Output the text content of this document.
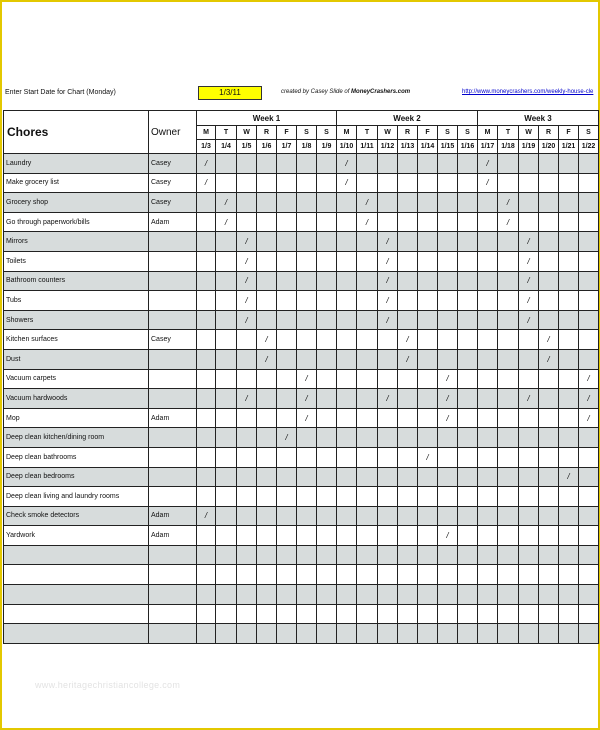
Enter Start Date for Chart (Monday)	1/3/11	created by Casey Slide of MoneyCrashers.com	http://www.moneycrashers.com/weekly-house-cle
Chores	Owner	Week 1							Week 2							Week 3					
		M	T	W	R	F	S	S	M	T	W	R	F	S	S	M	T	W	R	F	S
		1/3	1/4	1/5	1/6	1/7	1/8	1/9	1/10	1/11	1/12	1/13	1/14	1/15	1/16	1/17	1/18	1/19	1/20	1/21	1/22
Laundry	Casey	/							/							/					
Make grocery list	Casey	/							/							/					
Grocery shop	Casey		/							/							/				
Go through paperwork/bills	Adam		/							/							/				
Mirrors				/							/							/			
Toilets				/							/							/			
Bathroom counters				/							/							/			
Tubs				/							/							/			
Showers				/							/							/			
Kitchen surfaces	Casey				/							/							/		
Dust					/							/							/		
Vacuum carpets							/							/							/
Vacuum hardwoods				/			/				/			/				/			/
Mop	Adam						/							/							/
Deep clean kitchen/dining room						/															
Deep clean bathrooms													/								
Deep clean bedrooms																				/	
Deep clean living and laundry rooms																					
Check smoke detectors	Adam	/																			
Yardwork	Adam													/							

www.heritagechristiancollege.com
